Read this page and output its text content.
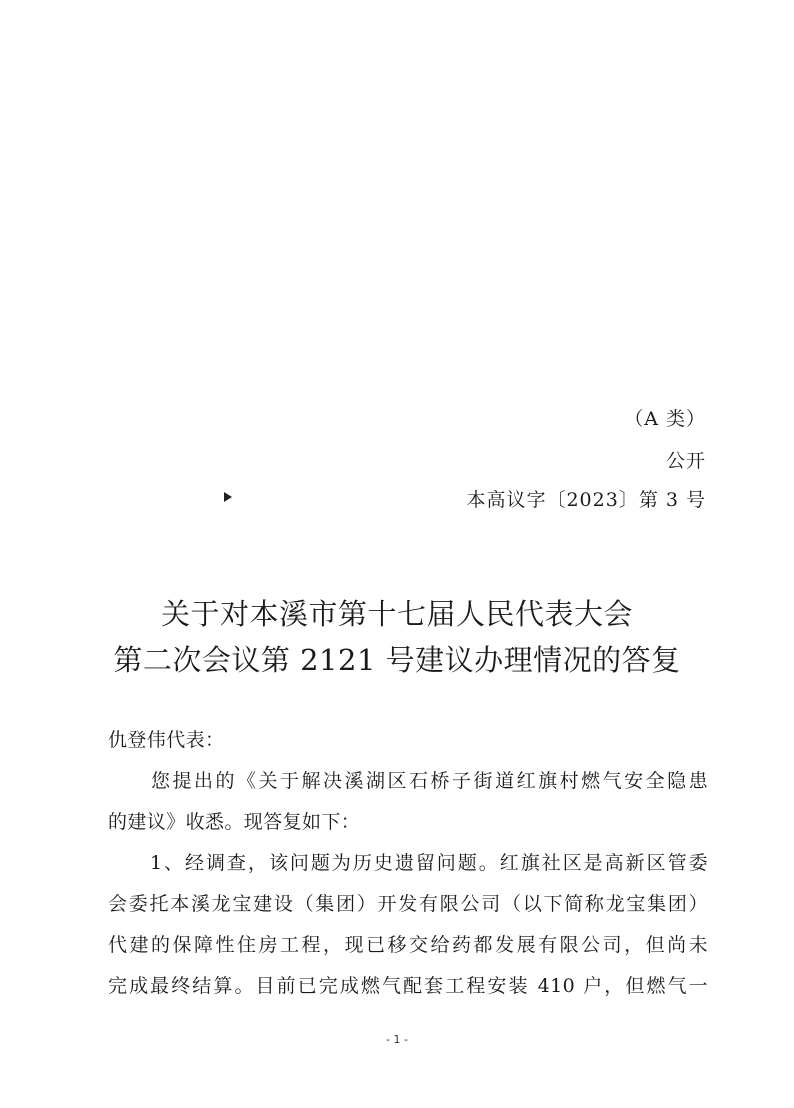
（A 类）
公开
本高议字〔2023〕第 3 号
关于对本溪市第十七届人民代表大会
第二次会议第 2121 号建议办理情况的答复
仇登伟代表：
　　您提出的《关于解决溪湖区石桥子街道红旗村燃气安全隐患
的建议》收悉。现答复如下：
　　1、经调查，该问题为历史遗留问题。红旗社区是高新区管委
会委托本溪龙宝建设（集团）开发有限公司（以下简称龙宝集团）
代建的保障性住房工程，现已移交给药都发展有限公司，但尚未
完成最终结算。目前已完成燃气配套工程安装 410 户，但燃气一
- 1 -
